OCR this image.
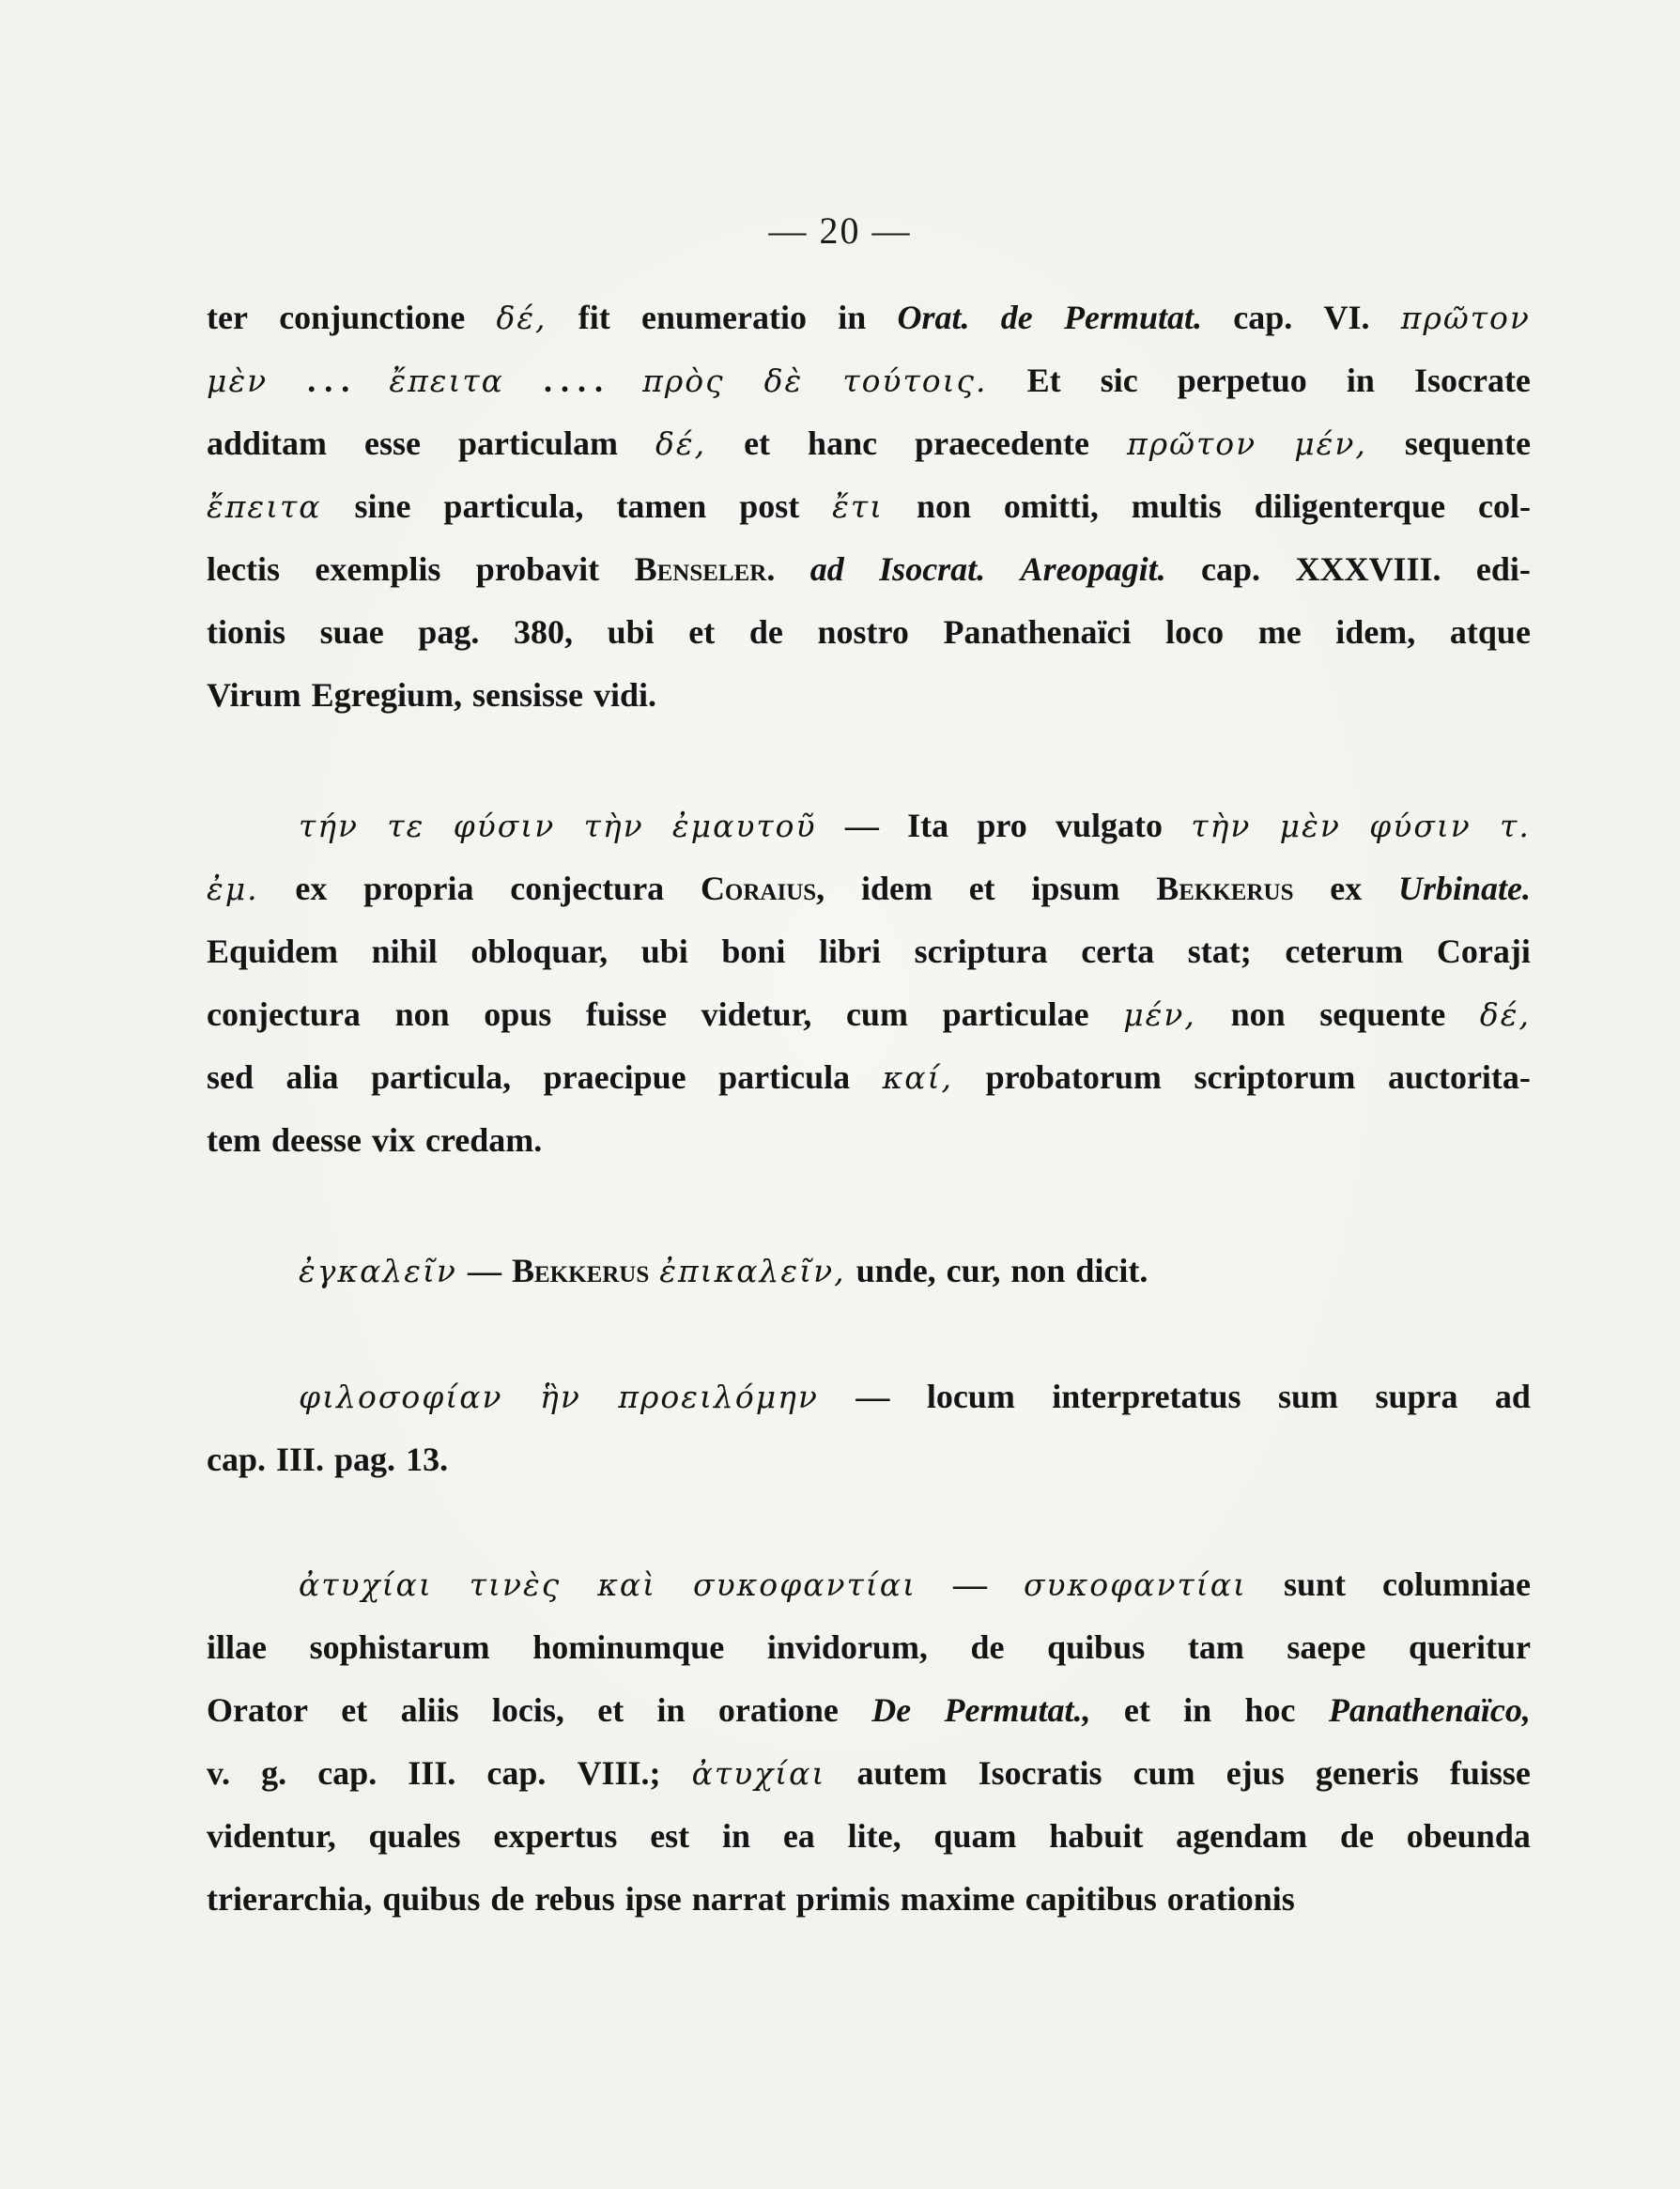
— 20 —
ter conjunctione δέ, fit enumeratio in Orat. de Permutat. cap. VI. πρῶτον
μὲν . . . ἔπειτα . . . . πρὸς δὲ τούτοις. Et sic perpetuo in Isocrate
additam esse particulam δέ, et hanc praecedente πρῶτον μέν, sequente
ἔπειτα sine particula, tamen post ἔτι non omitti, multis diligenterque col-
lectis exemplis probavit Benseler. ad Isocrat. Areopagit. cap. XXXVIII. edi-
tionis suae pag. 380, ubi et de nostro Panathenaïci loco me idem, atque
Virum Egregium, sensisse vidi.
τήν τε φύσιν τὴν ἐμαυτοῦ — Ita pro vulgato τὴν μὲν φύσιν τ.
ἐμ. ex propria conjectura Coraius, idem et ipsum Bekkerus ex Urbinate.
Equidem nihil obloquar, ubi boni libri scriptura certa stat; ceterum Coraji
conjectura non opus fuisse videtur, cum particulae μέν, non sequente δέ,
sed alia particula, praecipue particula καί, probatorum scriptorum auctorita-
tem deesse vix credam.
ἐγκαλεῖν — Bekkerus ἐπικαλεῖν, unde, cur, non dicit.
φιλοσοφίαν ἣν προειλόμην — locum interpretatus sum supra ad
cap. III. pag. 13.
ἀτυχίαι τινὲς καὶ συκοφαντίαι — συκοφαντίαι sunt columniae
illae sophistarum hominumque invidorum, de quibus tam saepe queritur
Orator et aliis locis, et in oratione De Permutat., et in hoc Panathenaïco,
v. g. cap. III. cap. VIII.; ἀτυχίαι autem Isocratis cum ejus generis fuisse
videntur, quales expertus est in ea lite, quam habuit agendam de obeunda
trierarchia, quibus de rebus ipse narrat primis maxime capitibus orationis
